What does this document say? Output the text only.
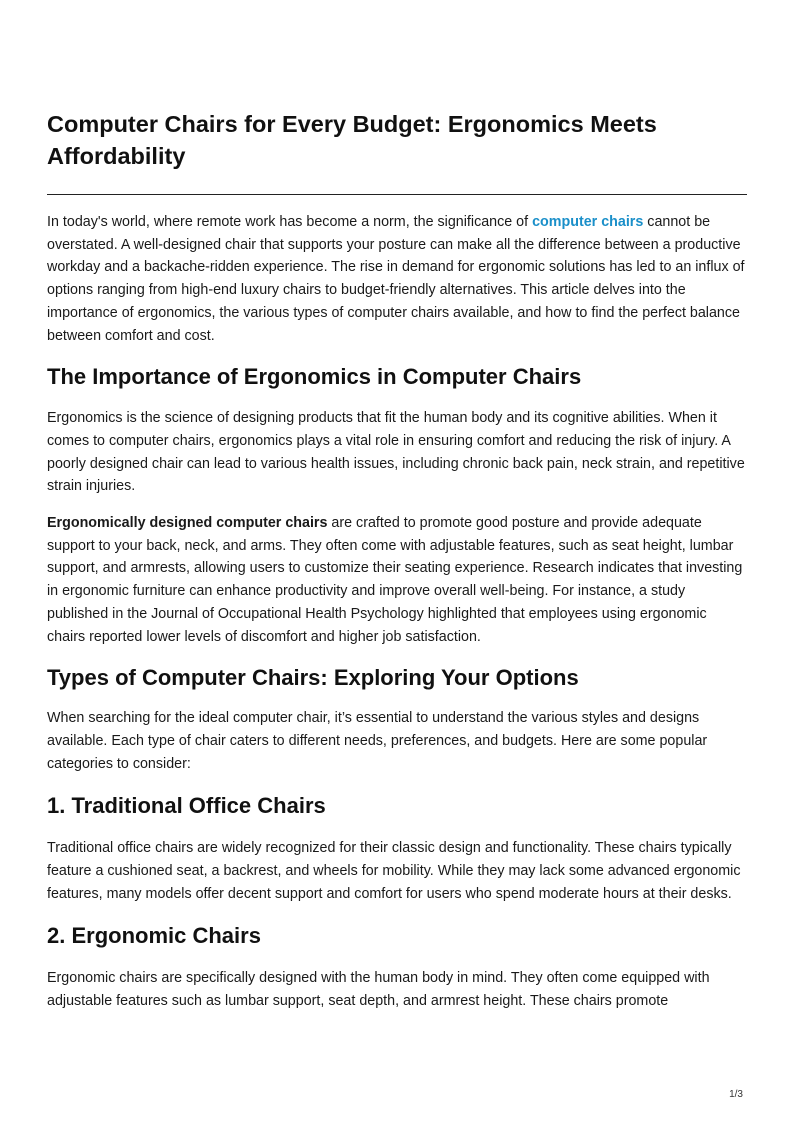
Computer Chairs for Every Budget: Ergonomics Meets Affordability

In today's world, where remote work has become a norm, the significance of computer chairs cannot be overstated. A well-designed chair that supports your posture can make all the difference between a productive workday and a backache-ridden experience. The rise in demand for ergonomic solutions has led to an influx of options ranging from high-end luxury chairs to budget-friendly alternatives. This article delves into the importance of ergonomics, the various types of computer chairs available, and how to find the perfect balance between comfort and cost.

The Importance of Ergonomics in Computer Chairs

Ergonomics is the science of designing products that fit the human body and its cognitive abilities. When it comes to computer chairs, ergonomics plays a vital role in ensuring comfort and reducing the risk of injury. A poorly designed chair can lead to various health issues, including chronic back pain, neck strain, and repetitive strain injuries.

Ergonomically designed computer chairs are crafted to promote good posture and provide adequate support to your back, neck, and arms. They often come with adjustable features, such as seat height, lumbar support, and armrests, allowing users to customize their seating experience. Research indicates that investing in ergonomic furniture can enhance productivity and improve overall well-being. For instance, a study published in the Journal of Occupational Health Psychology highlighted that employees using ergonomic chairs reported lower levels of discomfort and higher job satisfaction.

Types of Computer Chairs: Exploring Your Options

When searching for the ideal computer chair, it’s essential to understand the various styles and designs available. Each type of chair caters to different needs, preferences, and budgets. Here are some popular categories to consider:

1. Traditional Office Chairs

Traditional office chairs are widely recognized for their classic design and functionality. These chairs typically feature a cushioned seat, a backrest, and wheels for mobility. While they may lack some advanced ergonomic features, many models offer decent support and comfort for users who spend moderate hours at their desks.

2. Ergonomic Chairs

Ergonomic chairs are specifically designed with the human body in mind. They often come equipped with adjustable features such as lumbar support, seat depth, and armrest height. These chairs promote

1/3
